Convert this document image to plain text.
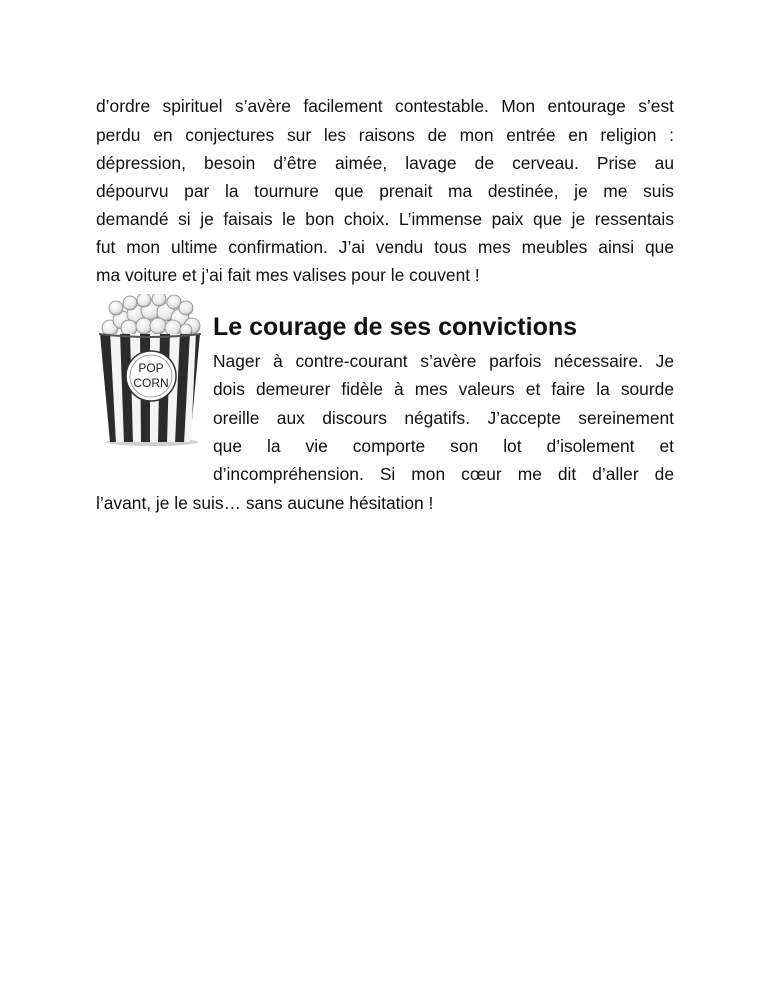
d’ordre spirituel s’avère facilement contestable. Mon entourage s’est

perdu en conjectures sur les raisons de mon entrée en religion :

dépression, besoin d’être aimée, lavage de cerveau. Prise au

dépourvu par la tournure que prenait ma destinée, je me suis

demandé si je faisais le bon choix. L’immense paix que je ressentais

fut mon ultime confirmation. J’ai vendu tous mes meubles ainsi que

ma voiture et j’ai fait mes valises pour le couvent !

POP
CORN
Le courage de ses convictions

Nager à contre-courant s’avère parfois nécessaire. Je

dois demeurer fidèle à mes valeurs et faire la sourde

oreille aux discours négatifs. J’accepte sereinement

que la vie comporte son lot d’isolement et

d’incompréhension. Si mon cœur me dit d’aller de

l’avant, je le suis… sans aucune hésitation !
